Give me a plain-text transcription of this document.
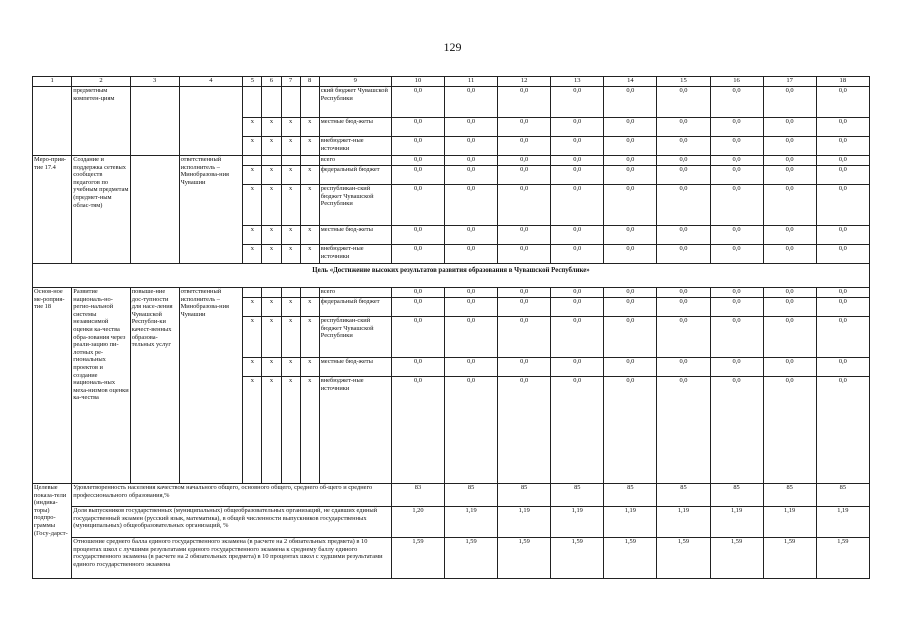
129
1	2	3	4	5	6	7	8	9	10	11	12	13	14	15	16	17	18
	предметным компетен-циям							ский бюджет Чувашской Республики	0,0	0,0	0,0	0,0	0,0	0,0	0,0	0,0	0,0
				x	x	x	x	местные бюд-жеты	0,0	0,0	0,0	0,0	0,0	0,0	0,0	0,0	0,0
				x	x	x	x	внебюджет-ные источники	0,0	0,0	0,0	0,0	0,0	0,0	0,0	0,0	0,0
Меро-прия-тие 17.4	Создание и поддержка сетевых сообществ педагогов по учебным предметам (предмет-ным облас-тям)		ответственный исполнитель – Минобразова-ния Чувашии					всего	0,0	0,0	0,0	0,0	0,0	0,0	0,0	0,0	0,0
				x	x	x	x	федеральный бюджет	0,0	0,0	0,0	0,0	0,0	0,0	0,0	0,0	0,0
				x	x	x	x	республикан-ский бюджет Чувашской Республики	0,0	0,0	0,0	0,0	0,0	0,0	0,0	0,0	0,0
				x	x	x	x	местные бюд-жеты	0,0	0,0	0,0	0,0	0,0	0,0	0,0	0,0	0,0
				x	x	x	x	внебюджет-ные источники	0,0	0,0	0,0	0,0	0,0	0,0	0,0	0,0	0,0
Цель «Достижение высоких результатов развития образования в Чувашской Республике»																	
Основ-ное ме-роприя-тие 18	Развитие националь-но-регио-нальной системы независимой оценки ка-чества обра-зования через реали-зацию пи-лотных ре-гиональных проектов и создание националь-ных меха-низмов оценки ка-чества	повыше-ние дос-тупности для насе-ления Чувашской Республи-ки качест-венных образова-тельных услуг	ответственный исполнитель – Минобразова-ния Чувашии					всего	0,0	0,0	0,0	0,0	0,0	0,0	0,0	0,0	0,0
				x	x	x	x	федеральный бюджет	0,0	0,0	0,0	0,0	0,0	0,0	0,0	0,0	0,0
				x	x	x	x	республикан-ский бюджет Чувашской Республики	0,0	0,0	0,0	0,0	0,0	0,0	0,0	0,0	0,0
				x	x	x	x	местные бюд-жеты	0,0	0,0	0,0	0,0	0,0	0,0	0,0	0,0	0,0
				x	x	x	x	внебюджет-ные источники	0,0	0,0	0,0	0,0	0,0	0,0	0,0	0,0	0,0
Целевые показа-тели (индика-торы) подпро-граммы (Госу-дарст-	Удовлетворенность населения качеством начального общего, основного общего, среднего об-щего и среднего профессионального образования,%								83	85	85	85	85	85	85	85	85
	Доля выпускников государственных (муниципальных) общеобразовательных организаций, не сдавших единый государственный экзамен (русский язык, математика), в общей численности выпускников государственных (муниципальных) общеобразовательных организаций, %								1,20	1,19	1,19	1,19	1,19	1,19	1,19	1,19	1,19
	Отношение среднего балла единого государственного экзамена (в расчете на 2 обязательных предмета) в 10 процентах школ с лучшими результатами единого государственного экзамена к среднему баллу единого государственного экзамена (в расчете на 2 обязательных предмета) в 10 процентах школ с худшими результатами единого государственного экзамена								1,59	1,59	1,59	1,59	1,59	1,59	1,59	1,59	1,59
